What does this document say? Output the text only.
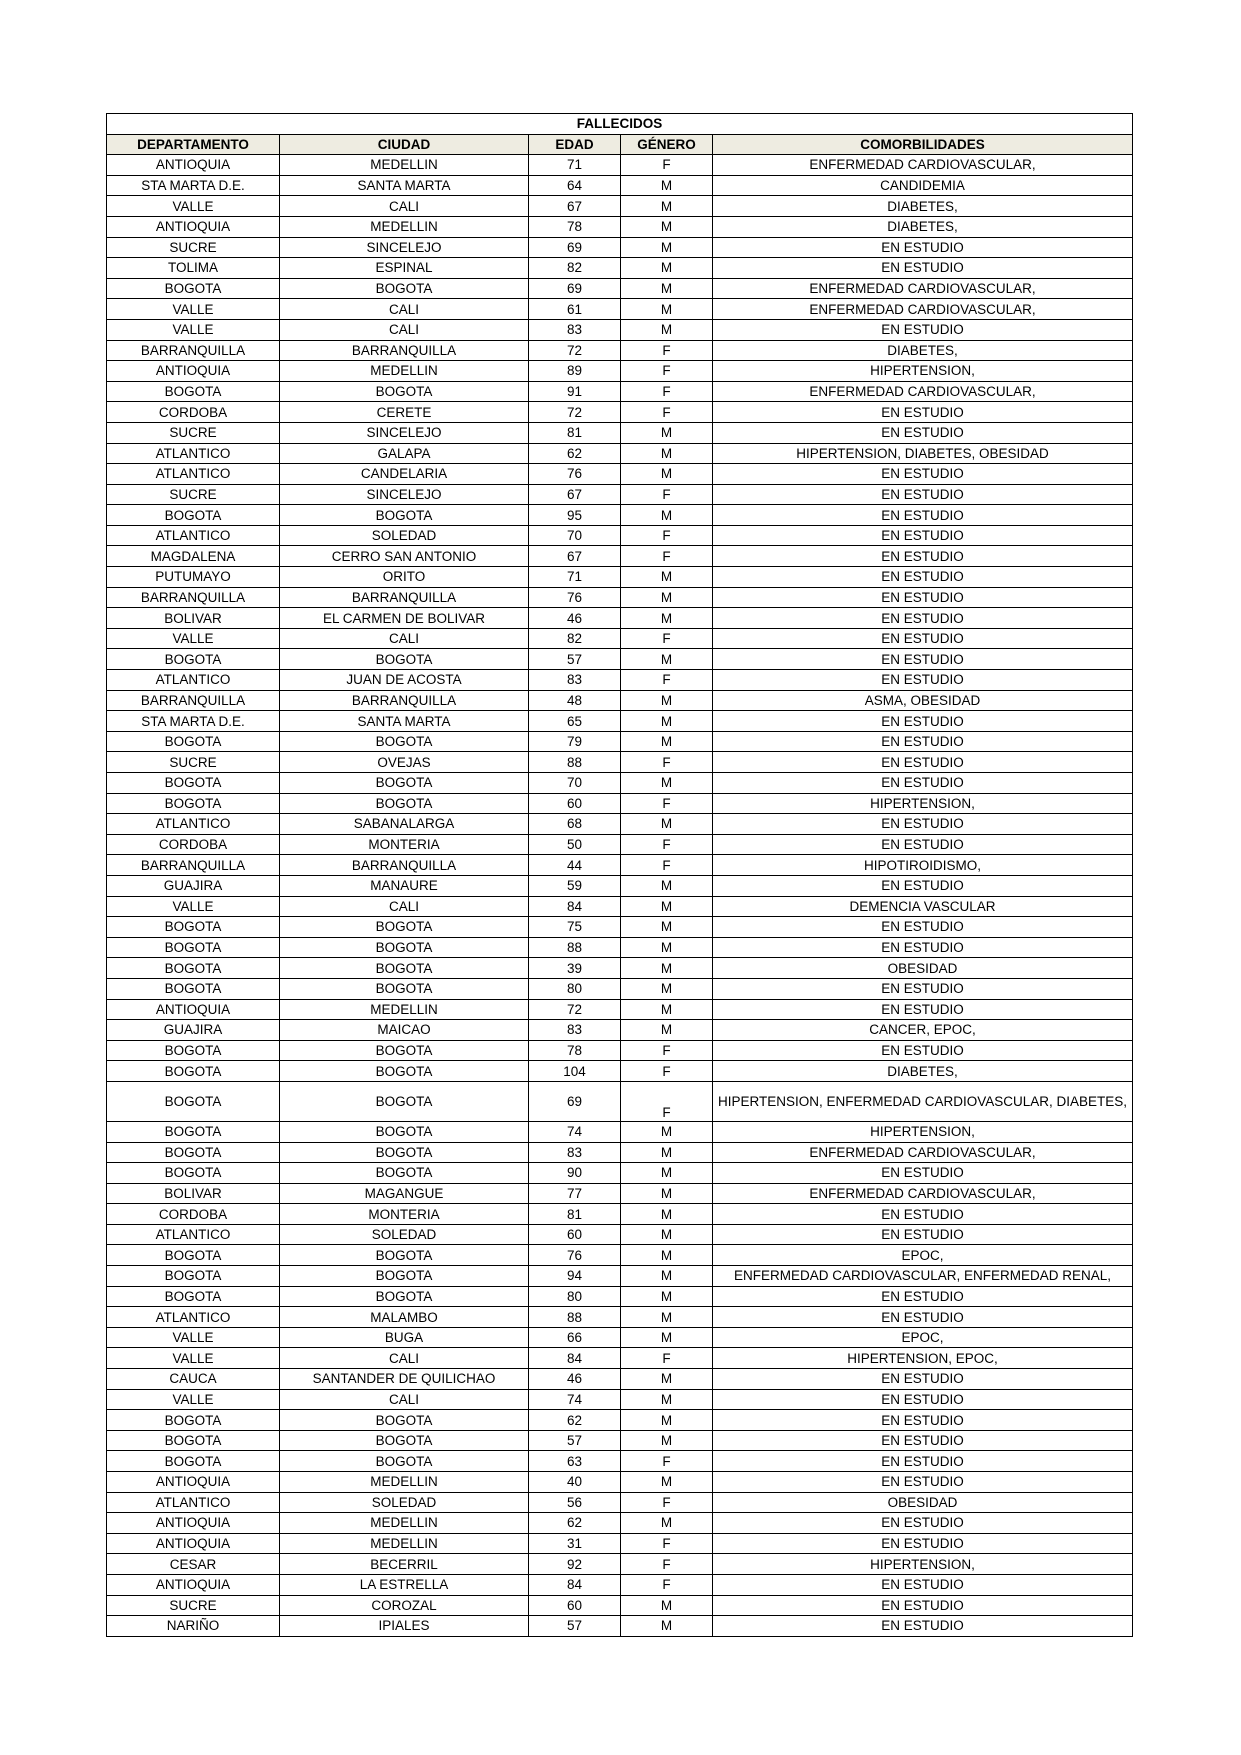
FALLECIDOS				
DEPARTAMENTO	CIUDAD	EDAD	GÉNERO	COMORBILIDADES
ANTIOQUIA	MEDELLIN	71	F	ENFERMEDAD CARDIOVASCULAR,
STA MARTA D.E.	SANTA MARTA	64	M	CANDIDEMIA
VALLE	CALI	67	M	DIABETES,
ANTIOQUIA	MEDELLIN	78	M	DIABETES,
SUCRE	SINCELEJO	69	M	EN ESTUDIO
TOLIMA	ESPINAL	82	M	EN ESTUDIO
BOGOTA	BOGOTA	69	M	ENFERMEDAD CARDIOVASCULAR,
VALLE	CALI	61	M	ENFERMEDAD CARDIOVASCULAR,
VALLE	CALI	83	M	EN ESTUDIO
BARRANQUILLA	BARRANQUILLA	72	F	DIABETES,
ANTIOQUIA	MEDELLIN	89	F	HIPERTENSION,
BOGOTA	BOGOTA	91	F	ENFERMEDAD CARDIOVASCULAR,
CORDOBA	CERETE	72	F	EN ESTUDIO
SUCRE	SINCELEJO	81	M	EN ESTUDIO
ATLANTICO	GALAPA	62	M	HIPERTENSION, DIABETES, OBESIDAD
ATLANTICO	CANDELARIA	76	M	EN ESTUDIO
SUCRE	SINCELEJO	67	F	EN ESTUDIO
BOGOTA	BOGOTA	95	M	EN ESTUDIO
ATLANTICO	SOLEDAD	70	F	EN ESTUDIO
MAGDALENA	CERRO SAN ANTONIO	67	F	EN ESTUDIO
PUTUMAYO	ORITO	71	M	EN ESTUDIO
BARRANQUILLA	BARRANQUILLA	76	M	EN ESTUDIO
BOLIVAR	EL CARMEN DE BOLIVAR	46	M	EN ESTUDIO
VALLE	CALI	82	F	EN ESTUDIO
BOGOTA	BOGOTA	57	M	EN ESTUDIO
ATLANTICO	JUAN DE ACOSTA	83	F	EN ESTUDIO
BARRANQUILLA	BARRANQUILLA	48	M	ASMA, OBESIDAD
STA MARTA D.E.	SANTA MARTA	65	M	EN ESTUDIO
BOGOTA	BOGOTA	79	M	EN ESTUDIO
SUCRE	OVEJAS	88	F	EN ESTUDIO
BOGOTA	BOGOTA	70	M	EN ESTUDIO
BOGOTA	BOGOTA	60	F	HIPERTENSION,
ATLANTICO	SABANALARGA	68	M	EN ESTUDIO
CORDOBA	MONTERIA	50	F	EN ESTUDIO
BARRANQUILLA	BARRANQUILLA	44	F	HIPOTIROIDISMO,
GUAJIRA	MANAURE	59	M	EN ESTUDIO
VALLE	CALI	84	M	DEMENCIA VASCULAR
BOGOTA	BOGOTA	75	M	EN ESTUDIO
BOGOTA	BOGOTA	88	M	EN ESTUDIO
BOGOTA	BOGOTA	39	M	OBESIDAD
BOGOTA	BOGOTA	80	M	EN ESTUDIO
ANTIOQUIA	MEDELLIN	72	M	EN ESTUDIO
GUAJIRA	MAICAO	83	M	CANCER, EPOC,
BOGOTA	BOGOTA	78	F	EN ESTUDIO
BOGOTA	BOGOTA	104	F	DIABETES,
BOGOTA	BOGOTA	69	F	HIPERTENSION, ENFERMEDAD CARDIOVASCULAR, DIABETES,
BOGOTA	BOGOTA	74	M	HIPERTENSION,
BOGOTA	BOGOTA	83	M	ENFERMEDAD CARDIOVASCULAR,
BOGOTA	BOGOTA	90	M	EN ESTUDIO
BOLIVAR	MAGANGUE	77	M	ENFERMEDAD CARDIOVASCULAR,
CORDOBA	MONTERIA	81	M	EN ESTUDIO
ATLANTICO	SOLEDAD	60	M	EN ESTUDIO
BOGOTA	BOGOTA	76	M	EPOC,
BOGOTA	BOGOTA	94	M	ENFERMEDAD CARDIOVASCULAR, ENFERMEDAD RENAL,
BOGOTA	BOGOTA	80	M	EN ESTUDIO
ATLANTICO	MALAMBO	88	M	EN ESTUDIO
VALLE	BUGA	66	M	EPOC,
VALLE	CALI	84	F	HIPERTENSION, EPOC,
CAUCA	SANTANDER DE QUILICHAO	46	M	EN ESTUDIO
VALLE	CALI	74	M	EN ESTUDIO
BOGOTA	BOGOTA	62	M	EN ESTUDIO
BOGOTA	BOGOTA	57	M	EN ESTUDIO
BOGOTA	BOGOTA	63	F	EN ESTUDIO
ANTIOQUIA	MEDELLIN	40	M	EN ESTUDIO
ATLANTICO	SOLEDAD	56	F	OBESIDAD
ANTIOQUIA	MEDELLIN	62	M	EN ESTUDIO
ANTIOQUIA	MEDELLIN	31	F	EN ESTUDIO
CESAR	BECERRIL	92	F	HIPERTENSION,
ANTIOQUIA	LA ESTRELLA	84	F	EN ESTUDIO
SUCRE	COROZAL	60	M	EN ESTUDIO
NARIÑO	IPIALES	57	M	EN ESTUDIO
